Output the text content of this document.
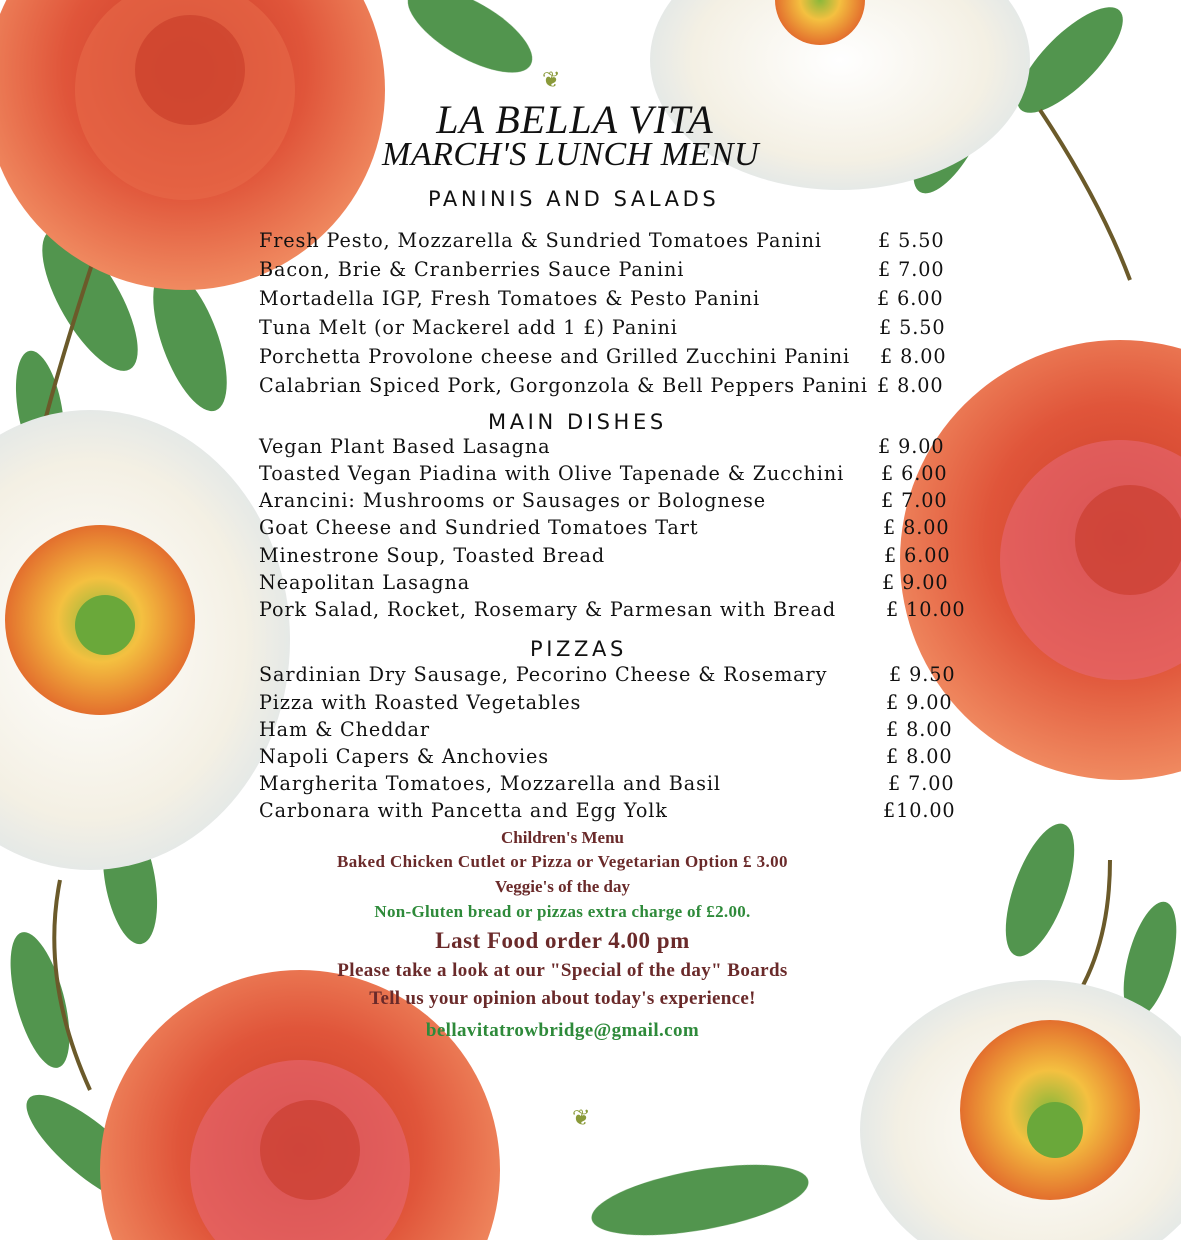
❦
❦
LA BELLA VITA
MARCH'S LUNCH MENU
PANINIS AND SALADS
Fresh Pesto, Mozzarella & Sundried Tomatoes Panini	£ 5.50
Bacon, Brie & Cranberries Sauce Panini	£ 7.00
Mortadella IGP, Fresh Tomatoes & Pesto Panini	£ 6.00
Tuna Melt (or Mackerel add 1 £) Panini	£ 5.50
Porchetta Provolone cheese and Grilled Zucchini Panini £ 8.00
Calabrian Spiced Pork, Gorgonzola & Bell Peppers Panini £ 8.00
MAIN DISHES
Vegan Plant Based Lasagna	£ 9.00
Toasted Vegan Piadina with Olive Tapenade & Zucchini £ 6.00
Arancini: Mushrooms or Sausages or Bolognese	£ 7.00
Goat Cheese and Sundried Tomatoes Tart	£ 8.00
Minestrone Soup, Toasted Bread	£ 6.00
Neapolitan Lasagna	£ 9.00
Pork Salad, Rocket, Rosemary & Parmesan with Bread	£ 10.00
PIZZAS
Sardinian Dry Sausage, Pecorino Cheese & Rosemary	£ 9.50
Pizza with Roasted Vegetables	£ 9.00
Ham & Cheddar	£ 8.00
Napoli Capers & Anchovies	£ 8.00
Margherita Tomatoes, Mozzarella and Basil	£ 7.00
Carbonara with Pancetta and Egg Yolk	£10.00
Children's Menu
Baked Chicken Cutlet or Pizza or Vegetarian Option £ 3.00
Veggie's of the day
Non-Gluten bread or pizzas extra charge of £2.00.
Last Food order 4.00 pm
Please take a look at our "Special of the day" Boards
Tell us your opinion about today's experience!
bellavitatrowbridge@gmail.com
